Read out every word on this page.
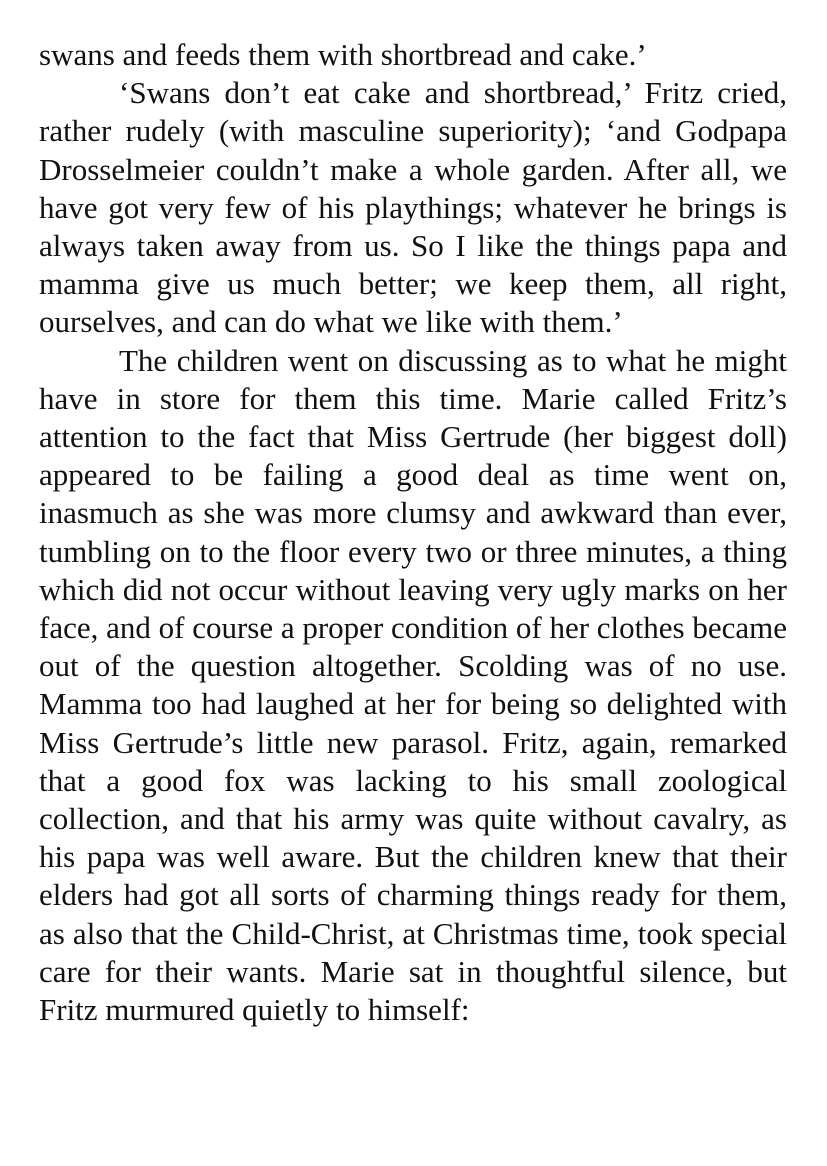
swans and feeds them with shortbread and cake.’

‘Swans don’t eat cake and shortbread,’ Fritz cried, rather rudely (with masculine superiority); ‘and Godpapa Drosselmeier couldn’t make a whole garden. After all, we have got very few of his playthings; whatever he brings is always taken away from us. So I like the things papa and mamma give us much better; we keep them, all right, ourselves, and can do what we like with them.’

The children went on discussing as to what he might have in store for them this time. Marie called Fritz’s attention to the fact that Miss Gertrude (her biggest doll) appeared to be failing a good deal as time went on, inasmuch as she was more clumsy and awkward than ever, tumbling on to the floor every two or three minutes, a thing which did not occur without leaving very ugly marks on her face, and of course a proper condition of her clothes became out of the question altogether. Scolding was of no use. Mamma too had laughed at her for being so delighted with Miss Gertrude’s little new parasol. Fritz, again, remarked that a good fox was lacking to his small zoological collection, and that his army was quite without cavalry, as his papa was well aware. But the children knew that their elders had got all sorts of charming things ready for them, as also that the Child-Christ, at Christmas time, took special care for their wants. Marie sat in thoughtful silence, but Fritz murmured quietly to himself:
